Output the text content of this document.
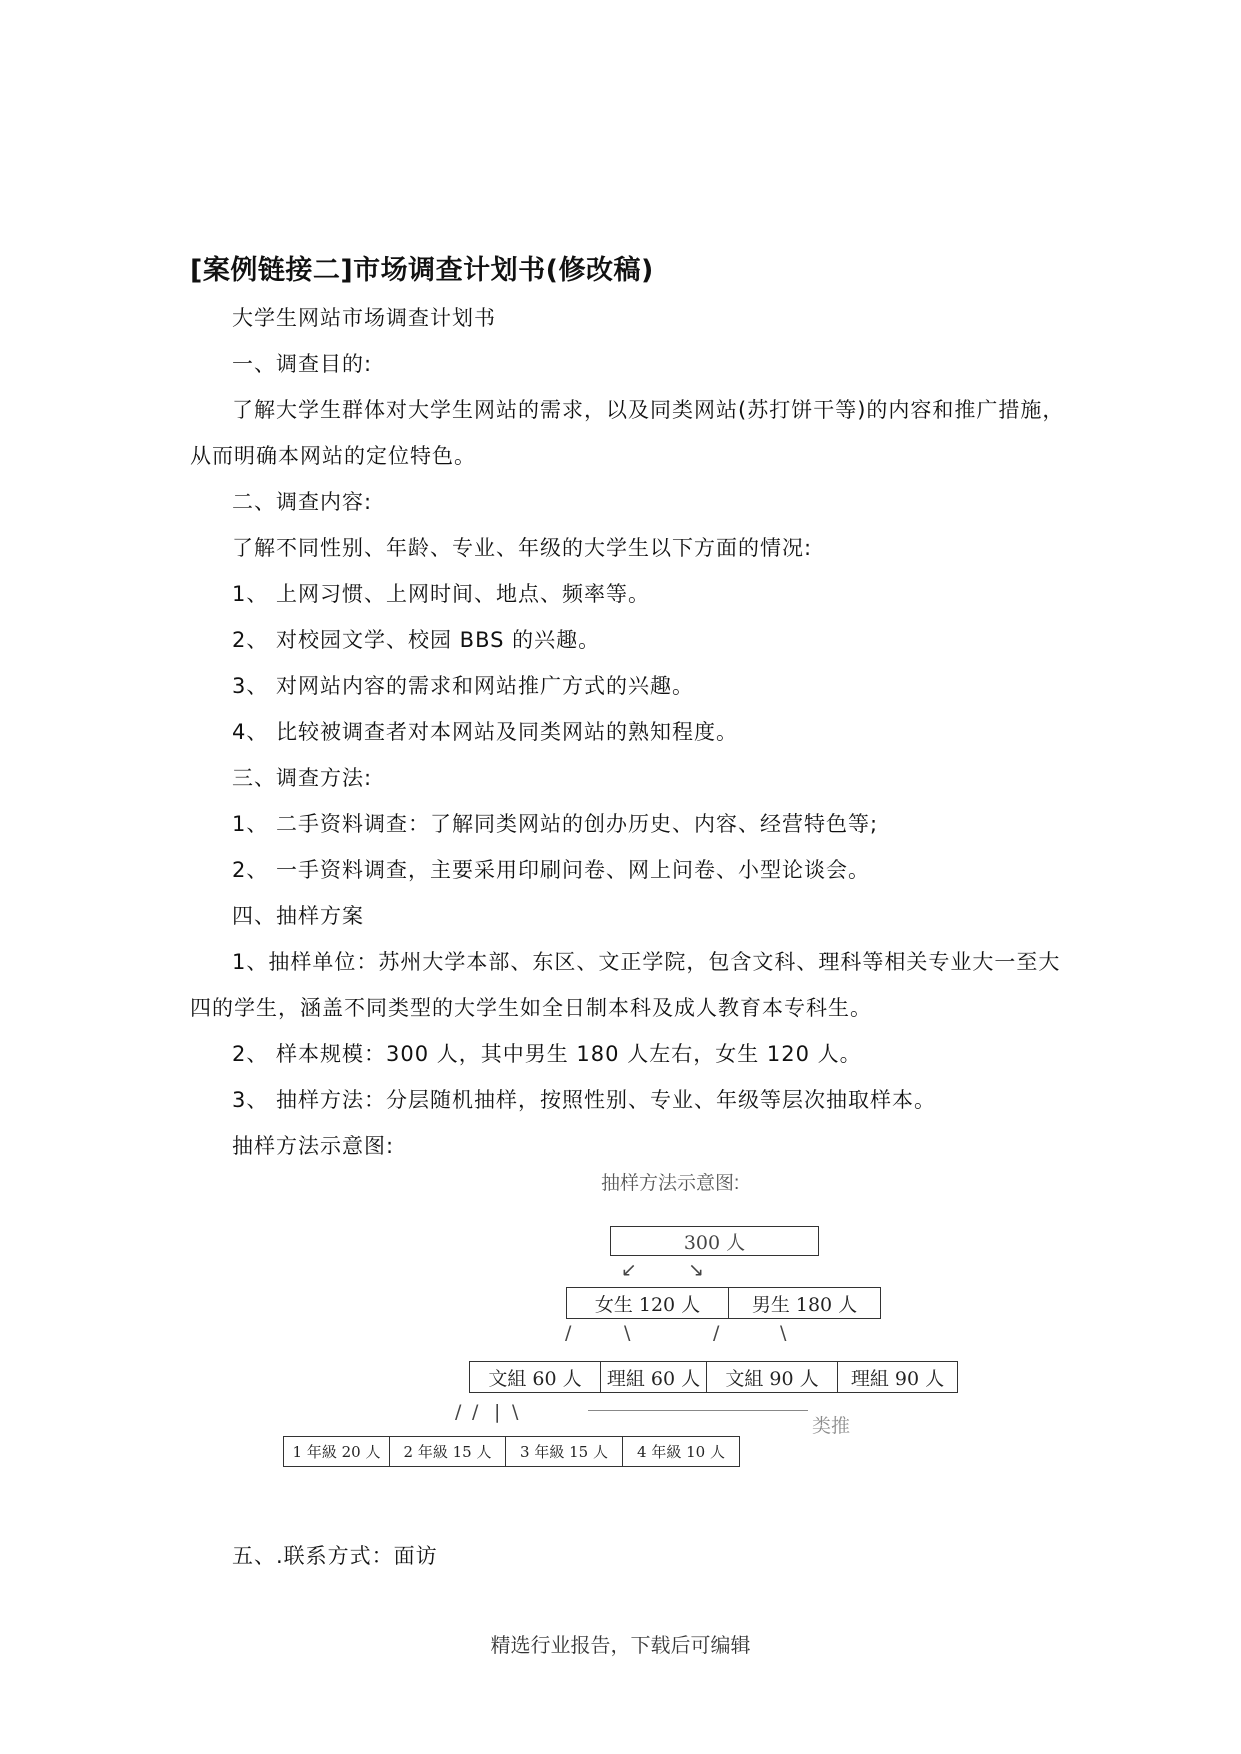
[案例链接二]市场调查计划书(修改稿)
大学生网站市场调查计划书
一、调查目的:
了解大学生群体对大学生网站的需求，以及同类网站(苏打饼干等)的内容和推广措施，
从而明确本网站的定位特色。
二、调查内容:
了解不同性别、年龄、专业、年级的大学生以下方面的情况:
1、 上网习惯、上网时间、地点、频率等。
2、 对校园文学、校园 BBS 的兴趣。
3、 对网站内容的需求和网站推广方式的兴趣。
4、 比较被调查者对本网站及同类网站的熟知程度。
三、调查方法:
1、 二手资料调查：了解同类网站的创办历史、内容、经营特色等;
2、 一手资料调查，主要采用印刷问卷、网上问卷、小型论谈会。
四、抽样方案
1、抽样单位：苏州大学本部、东区、文正学院，包含文科、理科等相关专业大一至大
四的学生，涵盖不同类型的大学生如全日制本科及成人教育本专科生。
2、 样本规模：300 人，其中男生 180 人左右，女生 120 人。
3、 抽样方法：分层随机抽样，按照性别、专业、年级等层次抽取样本。
抽样方法示意图:
抽样方法示意图:
300 人
↙	↘
女生 120 人	男生 180 人
/	\	/	\
文組 60 人	理組 60 人	文組 90 人	理組 90 人
/ / | \
类推
1 年級 20 人	2 年級 15 人	3 年級 15 人	4 年級 10 人
五、.联系方式：面访
精选行业报告，下载后可编辑
